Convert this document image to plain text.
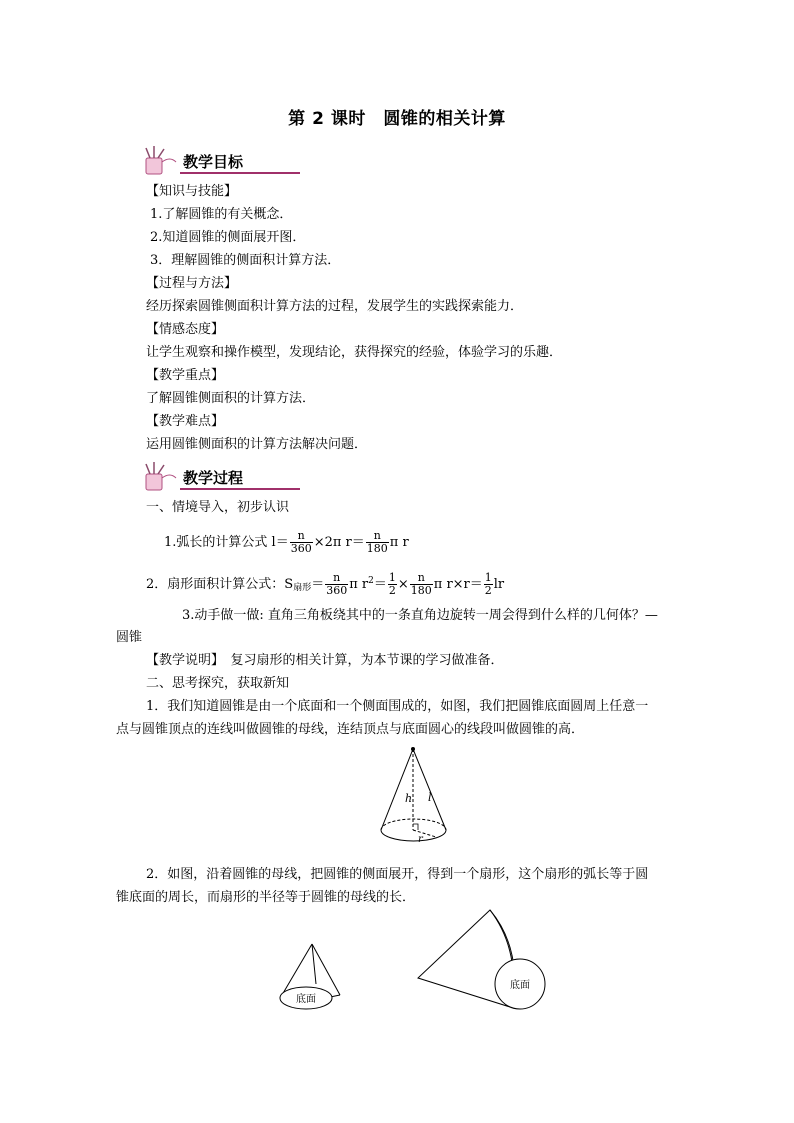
第 2 课时　圆锥的相关计算
教学目标
【知识与技能】
1.了解圆锥的有关概念．
2.知道圆锥的侧面展开图．
3．理解圆锥的侧面积计算方法．
【过程与方法】
经历探索圆锥侧面积计算方法的过程，发展学生的实践探索能力．
【情感态度】
让学生观察和操作模型，发现结论，获得探究的经验，体验学习的乐趣．
【教学重点】
了解圆锥侧面积的计算方法．
【教学难点】
运用圆锥侧面积的计算方法解决问题．
教学过程
一、情境导入，初步认识
1.弧长的计算公式 $l= \frac{n}{360} \times 2\pi$ $r= \frac{n}{180}$ π r
2．扇形面积计算公式：$S_{扇形}= \frac{n}{360}$ π $r^2= \frac{1}{2} \times \frac{n}{180}$ π $r\times r= \frac{1}{2}$ lr
3.动手做一做: 直角三角板绕其中的一条直角边旋转一周会得到什么样的几何体？—
圆锥
【教学说明】　复习扇形的相关计算，为本节课的学习做准备．
二、思考探究，获取新知
1．我们知道圆锥是由一个底面和一个侧面围成的，如图，我们把圆锥底面圆周上任意一
点与圆锥顶点的连线叫做圆锥的母线，连结顶点与底面圆心的线段叫做圆锥的高．
h l
r
2．如图，沿着圆锥的母线，把圆锥的侧面展开，得到一个扇形，这个扇形的弧长等于圆
锥底面的周长，而扇形的半径等于圆锥的母线的长．
底面
底面
